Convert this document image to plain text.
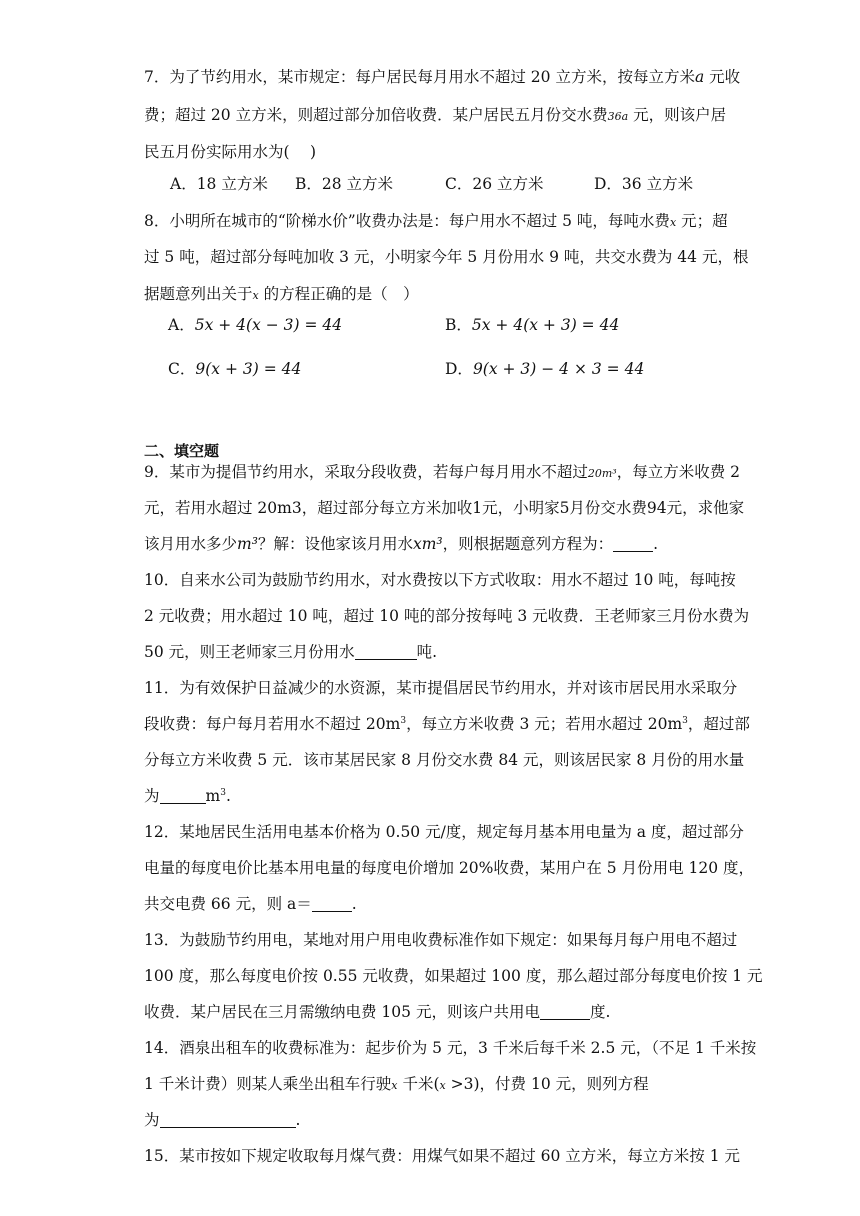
7．为了节约用水，某市规定：每户居民每月用水不超过 20 立方米，按每立方米a 元收
费；超过 20 立方米，则超过部分加倍收费．某户居民五月份交水费36a 元，则该户居
民五月份实际用水为(　 )
A．18 立方米 B．28 立方米	C．26 立方米	D．36 立方米
8．小明所在城市的“阶梯水价”收费办法是：每户用水不超过 5 吨，每吨水费x 元；超
过 5 吨，超过部分每吨加收 3 元，小明家今年 5 月份用水 9 吨，共交水费为 44 元，根
据题意列出关于x 的方程正确的是（　）
A．5x + 4(x − 3) = 44	B．5x + 4(x + 3) = 44
C．9(x + 3) = 44	D．9(x + 3) − 4 × 3 = 44
二、填空题
9．某市为提倡节约用水，采取分段收费，若每户每月用水不超过20m³，每立方米收费 2
元，若用水超过 20m3，超过部分每立方米加收1元，小明家5月份交水费94元，求他家
该月用水多少m³？解：设他家该月用水xm³，则根据题意列方程为：	.
10．自来水公司为鼓励节约用水，对水费按以下方式收取：用水不超过 10 吨，每吨按
2 元收费；用水超过 10 吨，超过 10 吨的部分按每吨 3 元收费．王老师家三月份水费为
50 元，则王老师家三月份用水	吨.
11．为有效保护日益减少的水资源，某市提倡居民节约用水，并对该市居民用水采取分
段收费：每户每月若用水不超过 $20m^3$，每立方米收费 3 元；若用水超过 $20m^3$，超过部
分每立方米收费 5 元．该市某居民家 8 月份交水费 84 元，则该居民家 8 月份的用水量
为	$m^3$.
12．某地居民生活用电基本价格为 0.50 元/度，规定每月基本用电量为 a 度，超过部分
电量的每度电价比基本用电量的每度电价增加 20%收费，某用户在 5 月份用电 120 度，
共交电费 66 元，则 a＝	.
13．为鼓励节约用电，某地对用户用电收费标准作如下规定：如果每月每户用电不超过
100 度，那么每度电价按 0.55 元收费，如果超过 100 度，那么超过部分每度电价按 1 元
收费．某户居民在三月需缴纳电费 105 元，则该户共用电	度.
14．酒泉出租车的收费标准为：起步价为 5 元，3 千米后每千米 2.5 元，（不足 1 千米按
1 千米计费）则某人乘坐出租车行驶x 千米(x >3)，付费 10 元，则列方程
为	.
15．某市按如下规定收取每月煤气费：用煤气如果不超过 60 立方米，每立方米按 1 元
